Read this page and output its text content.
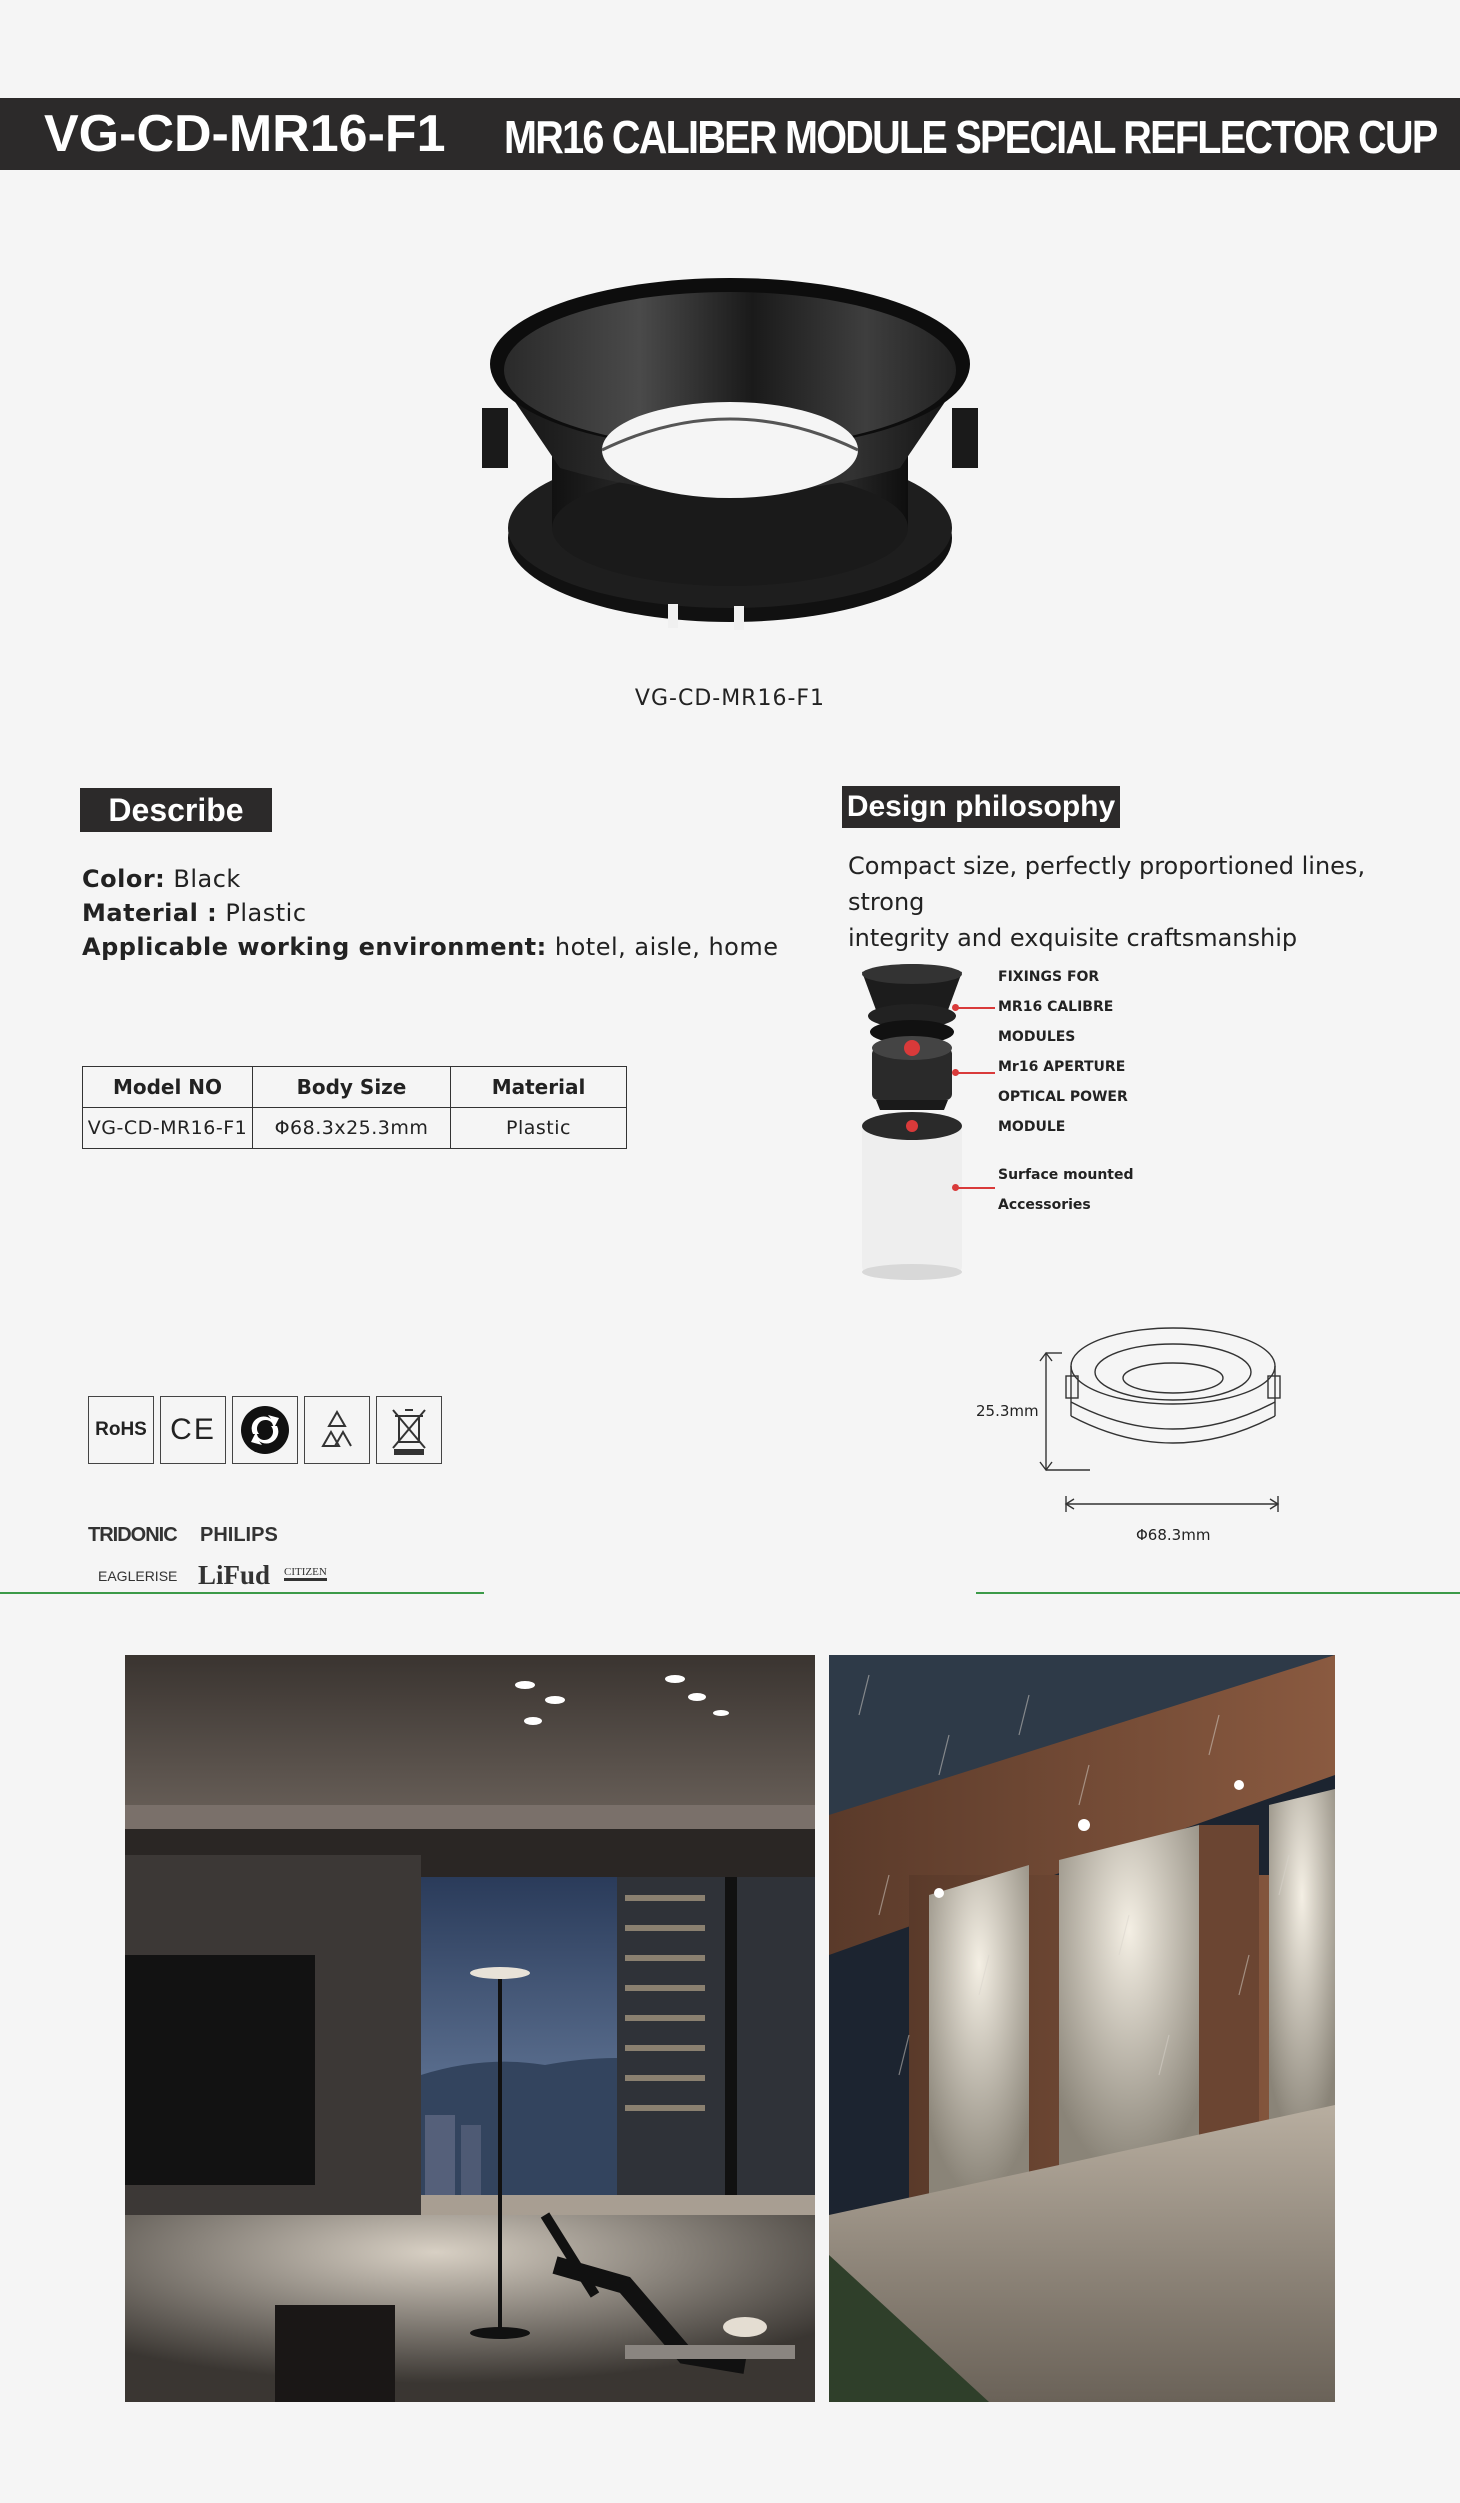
VG-CD-MR16-F1 MR16 CALIBER MODULE SPECIAL REFLECTOR CUP
VG-CD-MR16-F1
Describe
Color: Black
Material : Plastic
Applicable working environment: hotel, aisle, home
Design philosophy
Compact size, perfectly proportioned lines, strong
integrity and exquisite craftsmanship
Model NO	Body Size	Material
VG-CD-MR16-F1	Φ68.3x25.3mm	Plastic
FIXINGS FOR
MR16 CALIBRE
MODULES
Mr16 APERTURE
OPTICAL POWER
MODULE
Surface mounted
Accessories
RoHS CE
TRIDONIC PHILIPS
EAGLERISE LiFud CITIZEN
25.3mm
Φ68.3mm
